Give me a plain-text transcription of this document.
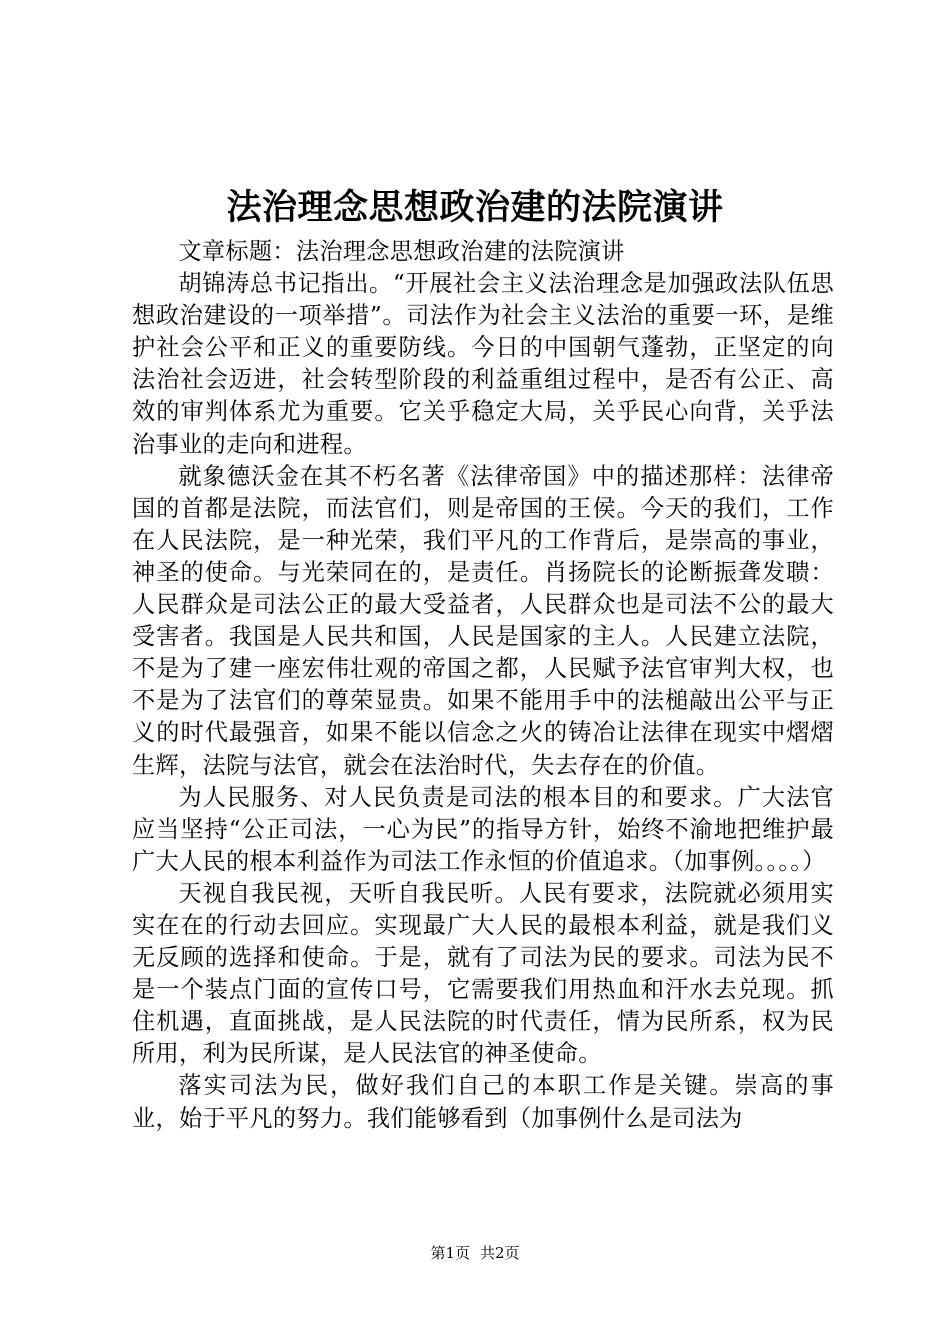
法治理念思想政治建的法院演讲

文章标题：法治理念思想政治建的法院演讲

胡锦涛总书记指出。“开展社会主义法治理念是加强政法队伍思想政治建设的一项举措”。司法作为社会主义法治的重要一环，是维护社会公平和正义的重要防线。今日的中国朝气蓬勃，正坚定的向法治社会迈进，社会转型阶段的利益重组过程中，是否有公正、高效的审判体系尤为重要。它关乎稳定大局，关乎民心向背，关乎法治事业的走向和进程。

就象德沃金在其不朽名著《法律帝国》中的描述那样：法律帝国的首都是法院，而法官们，则是帝国的王侯。今天的我们，工作在人民法院，是一种光荣，我们平凡的工作背后，是崇高的事业，神圣的使命。与光荣同在的，是责任。肖扬院长的论断振聋发聩：人民群众是司法公正的最大受益者，人民群众也是司法不公的最大受害者。我国是人民共和国，人民是国家的主人。人民建立法院，不是为了建一座宏伟壮观的帝国之都，人民赋予法官审判大权，也不是为了法官们的尊荣显贵。如果不能用手中的法槌敲出公平与正义的时代最强音，如果不能以信念之火的铸冶让法律在现实中熠熠生辉，法院与法官，就会在法治时代，失去存在的价值。

为人民服务、对人民负责是司法的根本目的和要求。广大法官应当坚持“公正司法，一心为民”的指导方针，始终不渝地把维护最广大人民的根本利益作为司法工作永恒的价值追求。（加事例。。。。）

天视自我民视，天听自我民听。人民有要求，法院就必须用实实在在的行动去回应。实现最广大人民的最根本利益，就是我们义无反顾的选择和使命。于是，就有了司法为民的要求。司法为民不是一个装点门面的宣传口号，它需要我们用热血和汗水去兑现。抓住机遇，直面挑战，是人民法院的时代责任，情为民所系，权为民所用，利为民所谋，是人民法官的神圣使命。

落实司法为民，做好我们自己的本职工作是关键。崇高的事业，始于平凡的努力。我们能够看到（加事例什么是司法为

第1页 共2页
